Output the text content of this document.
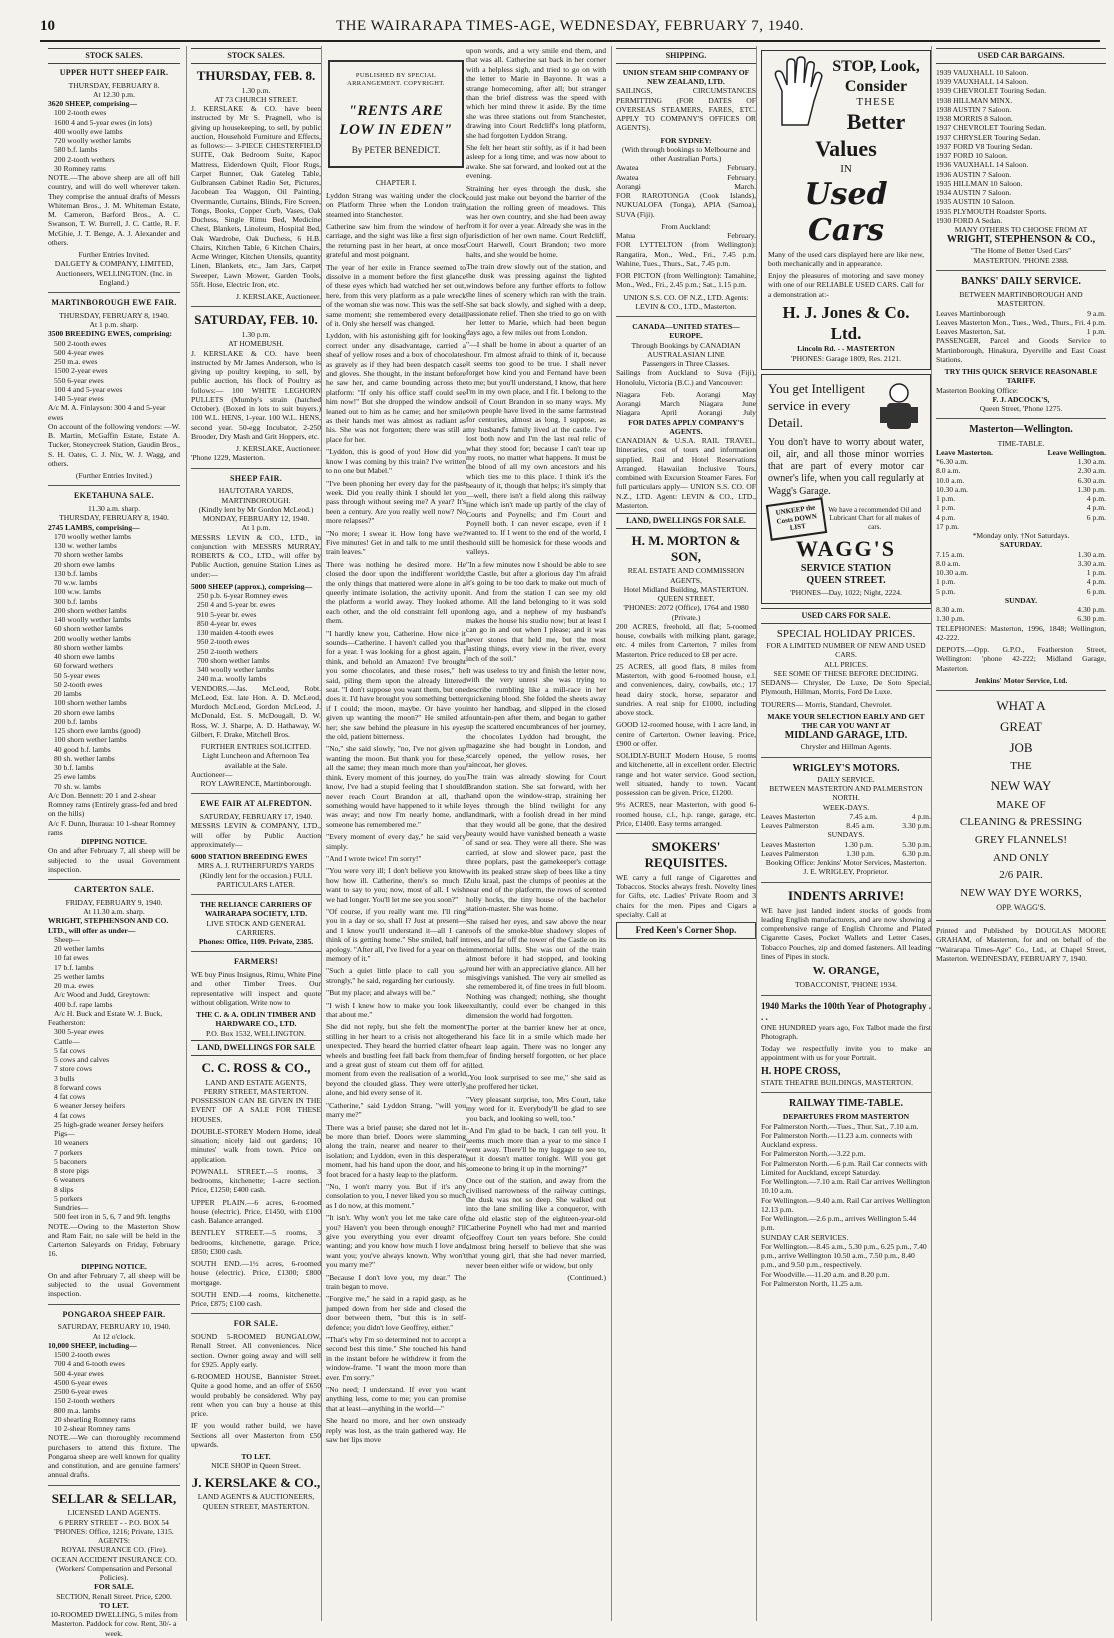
10	THE WAIRARAPA TIMES-AGE, WEDNESDAY, FEBRUARY 7, 1940.
STOCK SALES.
UPPER HUTT SHEEP FAIR.
THURSDAY, FEBRUARY 8.
At 12.30 p.m.
3620 SHEEP, comprising—
100 2-tooth ewes
1600 4 and 5-year ewes (in lots)
400 woolly ewe lambs
720 woolly wether lambs
580 b.f. lambs
200 2-tooth wethers
30 Romney rams

NOTE.—The above sheep are all off hill country, and will do well wherever taken. They comprise the annual drafts of Messrs Whiteman Bros., J. M. Whiteman Estate, M. Cameron, Barford Bros., A. C. Swanson, T. W. Burrell, J. C. Cattle, R. F. McGhie, J. T. Benge, A. J. Alexander and others.

Further Entries Invited.
DALGETY & COMPANY, LIMITED, Auctioneers, WELLINGTON. (Inc. in England.)
MARTINBOROUGH EWE FAIR.
THURSDAY, FEBRUARY 8, 1940.
At 1 p.m. sharp.
3500 BREEDING EWES, comprising:
500 2-tooth ewes
500 4-year ewes
250 m.a. ewes
1500 2-year ewes
550 6-year ewes
100 4 and 5-year ewes
140 5-year ewes
A/c M. A. Finlayson: 300 4 and 5-year ewes

On account of the following vendors: —W. B. Martin, McGaffin Estate, Estate A. Tucker, Stoneycreek Station, Gaudin Bros., S. H. Oates, C. J. Nix, W. J. Wagg, and others.

(Further Entries Invited.)
EKETAHUNA SALE.
11.30 a.m. sharp.
THURSDAY, FEBRUARY 8, 1940.
2745 LAMBS, comprising—
170 woolly wether lambs
130 w. wether lambs
70 shorn wether lambs
20 shorn ewe lambs
130 b.f. lambs
70 w.w. lambs
100 w.w. lambs
300 b.f. lambs
200 shorn wether lambs
140 woolly wether lambs
60 shorn wether lambs
200 woolly wether lambs
80 shorn wether lambs
40 shorn ewe lambs
60 forward wethers
50 5-year ewes
50 2-tooth ewes
20 lambs
100 shorn wether lambs
20 shorn ewe lambs
200 b.f. lambs
125 shorn ewe lambs (good)
100 shorn wether lambs
40 good b.f. lambs
80 sh. wether lambs
30 b.f. lambs
25 ewe lambs
70 sh. w. lambs
A/c Don. Bennett: 20 1 and 2-shear Romney rams (Entirely grass-fed and bred on the hills)
A/c F. Dunn, Ihuraua: 10 1-shear Romney rams
DIPPING NOTICE.

On and after February 7, all sheep will be subjected to the usual Government inspection.

CARTERTON SALE.
FRIDAY, FEBRUARY 9, 1940.
At 11.30 a.m. sharp.
WRIGHT, STEPHENSON AND CO. LTD., will offer as under—
Sheep—
20 wether lambs
10 fat ewes
17 b.f. lambs
25 wether lambs
20 m.a. ewes
A/c Wood and Judd, Greytown:
400 b.f. rape lambs
A/c H. Buck and Estate W. J. Buck, Featherston:
300 5-year ewes
Cattle—
5 fat cows
5 cows and calves
7 store cows
3 bulls
8 forward cows
4 fat cows
6 weaner Jersey heifers
4 fat cows
25 high-grade weaner Jersey heifers
Pigs—
10 weaners
7 porkers
5 baconers
8 store pigs
6 weaners
8 slips
5 porkers
Sundries—
500 feet iron in 5, 6, 7 and 9ft. lengths

NOTE.—Owing to the Masterton Show and Ram Fair, no sale will be held in the Carterton Saleyards on Friday, February 16.

DIPPING NOTICE.

On and after February 7, all sheep will be subjected to the usual Government inspection.

PONGAROA SHEEP FAIR.
SATURDAY, FEBRUARY 10, 1940.
At 12 o'clock.
10,000 SHEEP, including—
1500 2-tooth ewes
700 4 and 6-tooth ewes
500 4-year ewes
4500 6-year ewes
2500 6-year ewes
150 2-tooth wethers
800 m.a. lambs
20 shearling Romney rams
10 2-shear Romney rams

NOTE.—We can thoroughly recommend purchasers to attend this fixture. The Pongaroa sheep are well known for quality and constitution, and are genuine farmers' annual drafts.

SELLAR & SELLAR,
LICENSED LAND AGENTS.
6 PERRY STREET - - P.O. BOX 54
'PHONES: Office, 1216; Private, 1315.
AGENTS:
ROYAL INSURANCE CO. (Fire).
OCEAN ACCIDENT INSURANCE CO. (Workers' Compensation and Personal Policies).
FOR SALE.
SECTION, Renall Street. Price, £200.
TO LET.
10-ROOMED DWELLING, 5 miles from Masterton. Paddock for cow. Rent, 30/- a week.
STOCK SALES.
THURSDAY, FEB. 8.
1.30 p.m.
AT 73 CHURCH STREET.

J. KERSLAKE & CO. have been instructed by Mr S. Pragnell, who is giving up housekeeping, to sell, by public auction, Household Furniture and Effects, as follows:— 3-PIECE CHESTERFIELD SUITE, Oak Bedroom Suite, Kapoc Mattress, Eiderdown Quilt, Floor Rugs, Carpet Runner, Oak Gateleg Table, Gulbransen Cabinet Radio Set, Pictures, Jacobean Tea Waggon, Oil Painting, Overmantle, Curtains, Blinds, Fire Screen, Tongs, Books, Copper Curb, Vases, Oak Duchess, Single Rimu Bed, Medicine Chest, Blankets, Linoleum, Hospital Bed, Oak Wardrobe, Oak Duchess, 6 H.B. Chairs, Kitchen Table, 6 Kitchen Chairs, Acme Wringer, Kitchen Utensils, quantity Linen, Blankets, etc., Jam Jars, Carpet Sweeper, Lawn Mower, Garden Tools, 55ft. Hose, Electric Iron, etc.

J. KERSLAKE, Auctioneer.
SATURDAY, FEB. 10.
1.30 p.m.
AT HOMEBUSH.

J. KERSLAKE & CO. have been instructed by Mr James Anderson, who is giving up poultry keeping, to sell, by public auction, his flock of Poultry as follows:— 100 WHITE LEGHORN PULLETS (Mumby's strain (hatched October). (Boxed in lots to suit buyers.) 100 W.L. HENS, 1-year. 100 W.L. HENS, second year. 50-egg Incubator, 2-250 Brooder, Dry Mash and Grit Hoppers, etc.

J. KERSLAKE, Auctioneer.
'Phone 1229, Masterton.
SHEEP FAIR.
HAUTOTARA YARDS, MARTINBOROUGH.
(Kindly lent by Mr Gordon McLeod.)
MONDAY, FEBRUARY 12, 1940.
At 1 p.m.

MESSRS LEVIN & CO., LTD., in conjunction with MESSRS MURRAY, ROBERTS & CO., LTD., will offer by Public Auction, genuine Station Lines as under:—

5000 SHEEP (approx.), comprising—
250 p.b. 6-year Romney ewes
250 4 and 5-year br. ewes
910 5-year br. ewes
850 4-year br. ewes
130 maiden 4-tooth ewes
950 2-tooth ewes
250 2-tooth wethers
700 shorn wether lambs
340 woolly wether lambs
240 m.a. woolly lambs

VENDORS.—Jas. McLeod, Robt. McLeod, Est. late Hon. A. D. McLeod, Murdoch McLeod, Gordon McLeod, J. McDonald, Est. S. McDougall, D. W. Ross, W. J. Sharpe, A. D. Hathaway, W. Gilbert, F. Drake, Mitchell Bros.

FURTHER ENTRIES SOLICITED.
Light Luncheon and Afternoon Tea available at the Sale.
Auctioneer—
ROY LAWRENCE, Martinborough.
EWE FAIR AT ALFREDTON.
SATURDAY, FEBRUARY 17, 1940.

MESSRS LEVIN & COMPANY, LTD., will offer by Public Auction approximately—

6000 STATION BREEDING EWES
MRS A. J. RUTHERFURD'S YARDS (Kindly lent for the occasion.) FULL PARTICULARS LATER.
THE RELIANCE CARRIERS OF WAIRARAPA SOCIETY, LTD.
LIVE STOCK AND GENERAL CARRIERS.
Phones: Office, 1109. Private, 2385.
FARMERS!

WE buy Pinus Insignus, Rimu, White Pine and other Timber Trees. Our representative will inspect and quote without obligation. Write now to

THE C. & A. ODLIN TIMBER AND HARDWARE CO., LTD.
P.O. Box 1532, WELLINGTON.
LAND, DWELLINGS FOR SALE
C. C. ROSS & CO.,
LAND AND ESTATE AGENTS,
PERRY STREET, MASTERTON.

POSSESSION CAN BE GIVEN IN THE EVENT OF A SALE FOR THESE HOUSES.

DOUBLE-STOREY Modern Home, ideal situation; nicely laid out gardens; 10 minutes' walk from town. Price on application.

POWNALL STREET.—5 rooms, 3 bedrooms, kitchenette; 1-acre section. Price, £1250; £400 cash.

UPPER PLAIN.—6 acres, 6-roomed house (electric). Price, £1450, with £100 cash. Balance arranged.

BENTLEY STREET.—5 rooms, 3 bedrooms, kitchenette, garage. Price, £850; £300 cash.

SOUTH END.—1½ acres, 6-roomed house (electric). Price, £1300; £800 mortgage.

SOUTH END.—4 rooms, kitchenette. Price, £875; £100 cash.

FOR SALE.

SOUND 5-ROOMED BUNGALOW, Renall Street. All conveniences. Nice section. Owner going away and will sell for £925. Apply early.

6-ROOMED HOUSE, Bannister Street. Quite a good home, and an offer of £650 would probably be considered. Why pay rent when you can buy a house at this price.

IF you would rather build, we have Sections all over Masterton from £50 upwards.

TO LET.
NICE SHOP in Queen Street.
J. KERSLAKE & CO.,
LAND AGENTS & AUCTIONEERS, QUEEN STREET, MASTERTON.
PUBLISHED BY SPECIAL ARRANGEMENT. COPYRIGHT.
"RENTS ARE LOW IN EDEN"
By PETER BENEDICT.
CHAPTER I.

Lyddon Strang was waiting under the clock on Platform Three when the London train steamed into Stanchester.

Catherine saw him from the window of her carriage, and the sight was like a first sign of the returning past in her heart, at once most grateful and most poignant.

The year of her exile in France seemed to dissolve in a moment before the first glance of these eyes which had watched her set out, here, from this very platform as a pale wreck of the woman she was now. This was the self-same moment; she remembered every detail of it. Only she herself was changed.

Lyddon, with his astonishing gift for looking correct under any disadvantage, carried a sheaf of yellow roses and a box of chocolates as gravely as if they had been despatch case and gloves. She thought, in the instant before he saw her, and came bounding across the platform: "If only his office staff could see him now!" But she dropped the window and leaned out to him as he came; and her smile as their hands met was almost as radiant as his. She was not forgotten; there was still a place for her.

"Lyddon, this is good of you! How did you know I was coming by this train? I've written to no one but Mabel."

"I've been phoning her every day for the past week. Did you really think I should let you pass through without seeing me? A year? It's been a century. Are you really well now? No more relapses?"

"No more; I swear it. How long have we? Five minutes! Get in and talk to me until the train leaves."

There was nothing he desired more. He closed the door upon the indifferent world; the only things that mattered were alone in a queerly intimate isolation, the activity upon the platform a world away. They looked at each other, and the old constraint fell upon them.

"I hardly knew you, Catherine. How nice it sounds—Catherine. I haven't called you that for a year. I was looking for a ghost again, I think, and behold an Amazon! I've brought you some chocolates, and these roses," he said, piling them upon the already littered seat. "I don't suppose you want them, but one does it. I'd have brought you something better if I could; the moon, maybe. Or have you given up wanting the moon?" He smiled at her; she saw behind the pleasure in his eyes the old, patient bitterness.

"No," she said slowly, "no, I've not given up wanting the moon. But thank you for these, all the same; they mean much more than you think. Every moment of this journey, do you know, I've had a stupid feeling that I should never reach Court Brandon at all, that something would have happened to it while I was away; and now I'm nearly home, and someone has remembered me."

"Every moment of every day," he said very simply.

"And I wrote twice! I'm sorry!"

"You were very ill; I don't believe you know how how ill. Catherine, there's so much I want to say to you; now, most of all. I wish we had longer. You'll let me see you soon?"

"Of course, if you really want me. I'll ring you in a day or so, shall I? Just at present—and I know you'll understand it—all I can think of is getting home." She smiled, half in apology. "After all, I've lived for a year on the memory of it."

"Such a quiet little place to call you so strongly," he said, regarding her curiously.

"But my place; and always will be."

"I wish I knew how to make you look like that about me."

She did not reply, but she felt the moment stilling in her heart to a crisis not altogether unexpected. They heard the hurried clatter of wheels and bustling feet fall back from them, and a great gust of steam cut them off for a moment from even the realisation of a world beyond the clouded glass. They were utterly alone, and hid every sense of it.

"Catherine," said Lyddon Strang, "will you marry me?"

There was a brief pause; she dared not let it be more than brief. Doors were slamming along the train, nearer and nearer to their isolation; and Lyddon, even in this desperate moment, had his hand upon the door, and his foot braced for a hasty leap to the platform.

"No, I won't marry you. But if it's any consolation to you, I never liked you so much as I do now, at this moment."

"It isn't. Why won't you let me take care of you? Haven't you been through enough? I'll give you everything you ever dreamt of wanting; and you know how much I love and want you; you've always known. Why won't you marry me?"

"Because I don't love you, my dear." The train began to move.

"Forgive me," he said in a rapid gasp, as he jumped down from her side and closed the door between them, "but this is in self-defence; you didn't love Geoffrey, either."

"That's why I'm so determined not to accept a second best this time." She touched his hand in the instant before he withdrew it from the window-frame. "I want the moon more than ever. I'm sorry."

"No need; I understand. If ever you want anything less, come to me; you can promise that at least—anything in the world—"

She heard no more, and her own unsteady reply was lost, as the train gathered way. He saw her lips move

upon words, and a wry smile end them, and that was all. Catherine sat back in her corner with a helpless sigh, and tried to go on with the letter to Marie in Bayonne. It was a strange homecoming, after all; but stranger than the brief distress was the speed with which her mind threw it aside. By the time she was three stations out from Stanchester, drawing into Court Redcliff's long platform, she had forgotten Lyddon Strang.

She felt her heart stir softly, as if it had been asleep for a long time, and was now about to awake. She sat forward, and looked out at the evening.

Straining her eyes through the dusk, she could just make out beyond the barrier of the station the rolling green of meadows. This was her own country, and she had been away from it for over a year. Already she was in the jurisdiction of her own name. Court Redcliff, Court Harwell, Court Brandon; two more halts, and she would be home.

The train drew slowly out of the station, and the dusk was pressing against the lighted windows before any further efforts to follow the lines of scenery which ran with the train. She sat back slowly, and sighed with a deep, passionate relief. Then she tried to go on with her letter to Marie, which had been begun days ago, a few miles out from London.

"—I shall be home in about a quarter of an hour. I'm almost afraid to think of it, because it seems too good to be true. I shall never forget how kind you and Fernand have been to me; but you'll understand, I know, that here I'm in my own place, and I fit. I belong to the soil of Court Brandon in so many ways. My own people have lived in the same farmstead for centuries, almost as long, I suppose, as my husband's family lived at the castle. I've lost both now and I'm the last real relic of what they stood for; because I can't tear up my roots, no matter what happens. It must be the blood of all my own ancestors and his which ties me to this place. I think it's the beauty of it, though that helps; it's simply that—well, there isn't a field along this railway line which isn't made up partly of the clay of Courts and Poynells; and I'm Court and Poynell both. I can never escape, even if I wanted to. If I went to the end of the world, I should still be homesick for these woods and valleys.

"In a few minutes now I should be able to see the Castle, but after a glorious day I'm afraid it's going to be too dark to make out much of it. And from the station I can see my old home. All the land belonging to it was sold long ago, and a nephew of my husband's makes the house his studio now; but at least I can go in and out when I please; and it was never stones that held me, but the most lasting things, every view in the river, every inch of the soil."

It was useless to try and finish the letter now, with the very unrest she was trying to describe rumbling like a mill-race in her quickening blood. She folded the sheets away into her handbag, and slipped in the closed fountain-pen after them, and began to gather up the scattered encumbrances of her journey, the chocolates Lyddon had brought, the magazine she had bought in London, and scarcely opened, the yellow roses, her raincoat, her gloves.

The train was already slowing for Court Brandon station. She sat forward, with her hand upon the window-strap, straining her eyes through the blind twilight for any landmark, with a foolish dread in her mind that they would all be gone, that the desired beauty would have vanished beneath a waste of sand or sea. They were all there. She was carried, at slow and slower pace, past the three poplars, past the gamekeeper's cottage with its peaked straw skep of bees like a tiny Zulu kraal, past the clumps of peonies at the near end of the platform, the rows of scented holly hocks, the tiny house of the bachelor station-master. She was home.

She raised her eyes, and saw above the near roofs of the smoke-blue shadowy slopes of trees, and far off the tower of the Castle on its immemorial hills. She was out of the train almost before it had stopped, and looking round her with an appreciative glance. All her misgivings vanished. The very air smelled as she remembered it, of fine trees in full bloom. Nothing was changed; nothing, she thought exultantly, could ever be changed in this dimension the world had forgotten.

The porter at the barrier knew her at once, and his face lit in a smile which made her heart leap again. There was no longer any fear of finding herself forgotten, or her place filled.

"You look surprised to see me," she said as she proffered her ticket.

"Very pleasant surprise, too, Mrs Court, take my word for it. Everybody'll be glad to see you back, and looking so well, too."

"And I'm glad to be back, I can tell you. It seems much more than a year to me since I went away. There'll be my luggage to see to, but it doesn't matter tonight. Will you get someone to bring it up in the morning?"

Once out of the station, and away from the civilised narrowness of the railway cuttings, the dusk was not so deep. She walked out into the lane smiling like a conqueror, with the old elastic step of the eighteen-year-old Catherine Poynell who had met and married Geoffrey Court ten years before. She could almost bring herself to believe that she was that young girl, that she had never married, never been either wife or widow, but only

(Continued.)
SHIPPING.
UNION STEAM SHIP COMPANY OF NEW ZEALAND, LTD.

SAILINGS, CIRCUMSTANCES PERMITTING (FOR DATES OF OVERSEAS STEAMERS, FARES, ETC. APPLY TO COMPANY'S OFFICES OR AGENTS).

FOR SYDNEY:
(With through bookings to Melbourne and other Australian Ports.)
Awatea	February.
Awatea	February.
Aorangi	March.

FOR RAROTONGA (Cook Islands), NUKUALOFA (Tonga), APIA (Samoa), SUVA (Fiji).

From Auckland:
Matua	February.

FOR LYTTELTON (from Wellington): Rangatira, Mon., Wed., Fri., 7.45 p.m. Wahine, Tues., Thurs., Sat., 7.45 p.m.

FOR PICTON (from Wellington): Tamahine, Mon., Wed., Fri., 2.45 p.m.; Sat., 1.15 p.m.

UNION S.S. CO. OF N.Z., LTD. Agents: LEVIN & CO., LTD., Masterton.
CANADA—UNITED STATES—EUROPE.
Through Bookings by CANADIAN AUSTRALASIAN LINE
Passengers in Three Classes.

Sailings from Auckland to Suva (Fiji), Honolulu, Victoria (B.C.) and Vancouver:

Niagara	Feb.	Aorangi	May
Aorangi	March	Niagara	June
Niagara	April	Aorangi	July
FOR DATES APPLY COMPANY'S AGENTS.

CANADIAN & U.S.A. RAIL TRAVEL. Itineraries, cost of tours and information supplied. Rail and Hotel Reservations Arranged. Hawaiian Inclusive Tours, combined with Excursion Steamer Fares. For full particulars apply— UNION S.S. CO. OF N.Z., LTD. Agent: LEVIN & CO., LTD., Masterton.

LAND, DWELLINGS FOR SALE.
H. M. MORTON & SON,
REAL ESTATE AND COMMISSION AGENTS,
Hotel Midland Building, MASTERTON. QUEEN STREET.
'PHONES: 2072 (Office), 1764 and 1980 (Private.)

200 ACRES, freehold, all flat; 5-roomed house, cowbails with milking plant, garage, etc. 4 miles from Carterton, 7 miles from Masterton. Price reduced to £8 per acre.

25 ACRES, all good flats, 8 miles from Masterton, with good 6-roomed house, e.l. and conveniences, dairy, cowbails, etc.; 17 head dairy stock, horse, separator and sundries. A real snip for £1000, including above stock.

GOOD 12-roomed house, with 1 acre land, in centre of Carterton. Owner leaving. Price, £900 or offer.

SOLIDLY-BUILT Modern House, 5 rooms and kitchenette, all in excellent order. Electric range and hot water service. Good section, well situated, handy to town. Vacant possession can be given. Price, £1200.

9½ ACRES, near Masterton, with good 6-roomed house, c.l., h.p. range, garage, etc. Price, £1400. Easy terms arranged.

SMOKERS' REQUISITES.

WE carry a full range of Cigarettes and Tobaccos. Stocks always fresh. Novelty lines for Gifts, etc. Ladies' Private Room and 3 chairs for the men. Pipes and Cigars a specialty. Call at

Fred Keen's Corner Shop.
STOP, Look, Consider
THESE
Better Values
IN
Used Cars

Many of the used cars displayed here are like new, both mechanically and in appearance.

Enjoy the pleasures of motoring and save money with one of our RELIABLE USED CARS. Call for a demonstration at:-

H. J. Jones & Co. Ltd.
Lincoln Rd. - - MASTERTON
'PHONES: Garage 1809, Res. 2121.
You get Intelligent service in every Detail.

You don't have to worry about water, oil, air, and all those minor worries that are part of every motor car owner's life, when you call regularly at Wagg's Garage.

UNKEEP the Costs DOWN LIST
We have a recommended Oil and Lubricant Chart for all makes of cars.
WAGG'S
SERVICE STATION
QUEEN STREET.
'PHONES—Day, 1022; Night, 2224.
USED CARS FOR SALE.
SPECIAL HOLIDAY PRICES.
FOR A LIMITED NUMBER OF NEW AND USED CARS.
ALL PRICES.
SEE SOME OF THESE BEFORE DECIDING.

SEDANS— Chrysler, De Luxe, De Soto Special, Plymouth, Hillman, Morris, Ford De Luxe.

TOURERS— Morris, Standard, Chevrolet.

MAKE YOUR SELECTION EARLY AND GET THE CAR YOU WANT AT
MIDLAND GARAGE, LTD.
Chrysler and Hillman Agents.
WRIGLEY'S MOTORS.
DAILY SERVICE.
BETWEEN MASTERTON AND PALMERSTON NORTH.
WEEK-DAYS.
Leaves Masterton	7.45 a.m.	4 p.m.
Leaves Palmerston	8.45 a.m.	3.30 p.m.
SUNDAYS.
Leaves Masterton	1.30 p.m.	5.30 p.m.
Leaves Palmerston	1.30 p.m.	6.30 p.m.
Booking Office: Jenkins' Motor Services, Masterton.
J. E. WRIGLEY, Proprietor.
INDENTS ARRIVE!

WE have just landed indent stocks of goods from leading English manufacturers, and are now showing a comprehensive range of English Chrome and Plated Cigarette Cases, Pocket Wallets and Letter Cases, Tobacco Pouches, zip and domed fasteners. All leading lines of Pipes in stock.

W. ORANGE,
TOBACCONIST, 'PHONE 1934.
1940 Marks the 100th Year of Photography . . .

ONE HUNDRED years ago, Fox Talbot made the first Photograph.

Today we respectfully invite you to make an appointment with us for your Portrait.

H. HOPE CROSS,
STATE THEATRE BUILDINGS, MASTERTON.
RAILWAY TIME-TABLE.
DEPARTURES FROM MASTERTON
For Palmerston North.—Tues., Thur. Sat., 7.10 a.m.
For Palmerston North.—11.23 a.m. connects with Auckland express.
For Palmerston North.—3.22 p.m.
For Palmerston North.—6 p.m. Rail Car connects with Limited for Auckland, except Saturday.
For Wellington.—7.10 a.m. Rail Car arrives Wellington 10.10 a.m.
For Wellington.—9.40 a.m. Rail Car arrives Wellington 12.13 p.m.
For Wellington.—2.6 p.m., arrives Wellington 5.44 p.m.
SUNDAY CAR SERVICES.
For Wellington.—8.45 a.m., 5.30 p.m., 6.25 p.m., 7.40 p.m., arrive Wellington 10.50 a.m., 7.50 p.m., 8.40 p.m., and 9.50 p.m., respectively.
For Woodville.—11.20 a.m. and 8.20 p.m.
For Palmerston North, 11.25 a.m.
USED CAR BARGAINS.
1939 VAUXHALL 10 Saloon.
1939 VAUXHALL 14 Saloon.
1939 CHEVROLET Touring Sedan.
1938 HILLMAN MINX.
1938 AUSTIN 7 Saloon.
1938 MORRIS 8 Saloon.
1937 CHEVROLET Touring Sedan.
1937 CHRYSLER Touring Sedan.
1937 FORD V8 Touring Sedan.
1937 FORD 10 Saloon.
1936 VAUXHALL 14 Saloon.
1936 AUSTIN 7 Saloon.
1935 HILLMAN 10 Saloon.
1934 AUSTIN 7 Saloon.
1935 AUSTIN 10 Saloon.
1935 PLYMOUTH Roadster Sports.
1930 FORD A Sedan.
MANY OTHERS TO CHOOSE FROM AT
WRIGHT, STEPHENSON & CO.,
"The Home of Better Used Cars"
MASTERTON. 'PHONE 2388.
BANKS' DAILY SERVICE.
BETWEEN MARTINBOROUGH AND MASTERTON.
Leaves Martinborough	9 a.m.
Leaves Masterton Mon., Tues., Wed., Thurs., Fri. 4 p.m.
Leaves Masterton, Sat.	1 p.m.

PASSENGER, Parcel and Goods Service to Martinborough, Hinakura, Dyerville and East Coast Stations.

TRY THIS QUICK SERVICE REASONABLE TARIFF.
Masterton Booking Office:
F. J. ADCOCK'S,
Queen Street, 'Phone 1275.
Masterton—Wellington.
TIME-TABLE.
Leave Masterton.	Leave Wellington.
*6.30 a.m.	1.30 a.m.
8.0 a.m.	2.30 a.m.
10.0 a.m.	6.30 a.m.
10.30 a.m.	1.30 p.m.
1 p.m.	4 p.m.
1 p.m.	4 p.m.
4 p.m.	6 p.m.
17 p.m.
*Monday only. †Not Saturdays.
SATURDAY.
7.15 a.m.	1.30 a.m.
8.0 a.m.	3.30 a.m.
10.30 a.m.	1 p.m.
1 p.m.	4 p.m.
5 p.m.	6 p.m.
SUNDAY.
8.30 a.m.	4.30 p.m.
1.30 p.m.	6.30 p.m.

TELEPHONES: Masterton, 1996, 1848; Wellington, 42-222.

DEPOTS.—Opp. G.P.O., Featherston Street, Wellington: 'phone 42-222; Midland Garage, Masterton.

Jenkins' Motor Service, Ltd.
WHAT A
GREAT
JOB
THE
NEW WAY
MAKE OF
CLEANING & PRESSING
GREY FLANNELS!
AND ONLY
2/6 PAIR.
NEW WAY DYE WORKS,
OPP. WAGG'S.

Printed and Published by DOUGLAS MOORE GRAHAM, of Masterton, for and on behalf of the "Wairarapa Times-Age" Co., Ltd., at Chapel Street, Masterton. WEDNESDAY, FEBRUARY 7, 1940.
